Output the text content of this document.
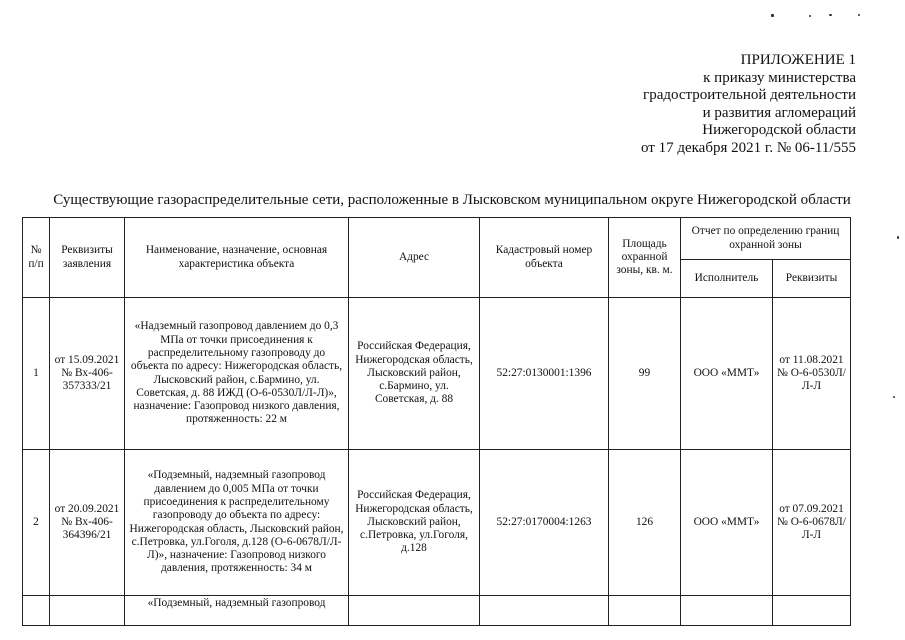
ПРИЛОЖЕНИЕ 1
к приказу министерства
градостроительной деятельности
и развития агломераций
Нижегородской области
от 17 декабря 2021 г. № 06-11/555
Существующие газораспределительные сети, расположенные в Лысковском муниципальном округе Нижегородской области
№ п/п	Реквизиты заявления	Наименование, назначение, основная характеристика объекта	Адрес	Кадастровый номер объекта	Площадь охранной зоны, кв. м.	Отчет по определению границ охранной зоны	
						Исполнитель	Реквизиты
1	от 15.09.2021 № Вх-406-357333/21	«Надземный газопровод давлением до 0,3 МПа от точки присоединения к распределительному газопроводу до объекта по адресу: Нижегородская область, Лысковский район, с.Бармино, ул. Советская, д. 88 ИЖД (О-6-0530Л/Л-Л)», назначение: Газопровод низкого давления, протяженность: 22 м	Российская Федерация, Нижегородская область, Лысковский район, с.Бармино, ул. Советская, д. 88	52:27:0130001:1396	99	ООО «ММТ»	от 11.08.2021 № О-6-0530Л/Л-Л
2	от 20.09.2021 № Вх-406-364396/21	«Подземный, надземный газопровод давлением до 0,005 МПа от точки присоединения к распределительному газопроводу до объекта по адресу: Нижегородская область, Лысковский район, с.Петровка, ул.Гоголя, д.128 (О-6-0678Л/Л-Л)», назначение: Газопровод низкого давления, протяженность: 34 м	Российская Федерация, Нижегородская область, Лысковский район, с.Петровка, ул.Гоголя, д.128	52:27:0170004:1263	126	ООО «ММТ»	от 07.09.2021 № О-6-0678Л/Л-Л
		«Подземный, надземный газопровод					
